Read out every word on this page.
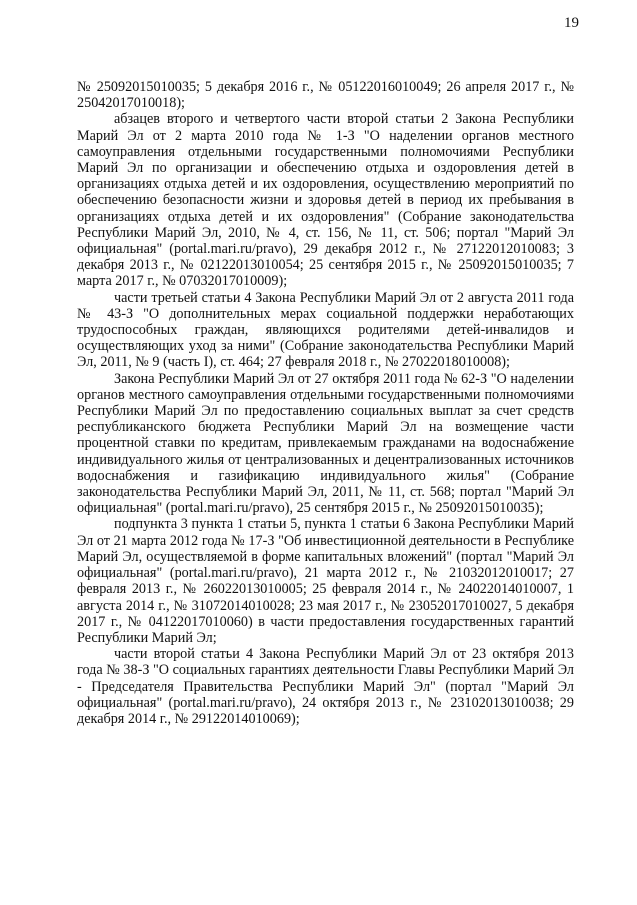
19

№ 25092015010035; 5 декабря 2016 г., № 05122016010049; 26 апреля 2017 г., № 25042017010018);

абзацев второго и четвертого части второй статьи 2 Закона Республики Марий Эл от 2 марта 2010 года № 1-З "О наделении органов местного самоуправления отдельными государственными полномочиями Республики Марий Эл по организации и обеспечению отдыха и оздоровления детей в организациях отдыха детей и их оздоровления, осуществлению мероприятий по обеспечению безопасности жизни и здоровья детей в период их пребывания в организациях отдыха детей и их оздоровления" (Собрание законодательства Республики Марий Эл, 2010, № 4, ст. 156, № 11, ст. 506; портал "Марий Эл официальная" (portal.mari.ru/pravo), 29 декабря 2012 г., № 27122012010083; 3 декабря 2013 г., № 02122013010054; 25 сентября 2015 г., № 25092015010035; 7 марта 2017 г., № 07032017010009);

части третьей статьи 4 Закона Республики Марий Эл от 2 августа 2011 года № 43-З "О дополнительных мерах социальной поддержки неработающих трудоспособных граждан, являющихся родителями детей-инвалидов и осуществляющих уход за ними" (Собрание законодательства Республики Марий Эл, 2011, № 9 (часть I), ст. 464; 27 февраля 2018 г., № 27022018010008);

Закона Республики Марий Эл от 27 октября 2011 года № 62-З "О наделении органов местного самоуправления отдельными государственными полномочиями Республики Марий Эл по предоставлению социальных выплат за счет средств республиканского бюджета Республики Марий Эл на возмещение части процентной ставки по кредитам, привлекаемым гражданами на водоснабжение индивидуального жилья от централизованных и децентрализованных источников водоснабжения и газификацию индивидуального жилья" (Собрание законодательства Республики Марий Эл, 2011, № 11, ст. 568; портал "Марий Эл официальная" (portal.mari.ru/pravo), 25 сентября 2015 г., № 25092015010035);

подпункта 3 пункта 1 статьи 5, пункта 1 статьи 6 Закона Республики Марий Эл от 21 марта 2012 года № 17-З "Об инвестиционной деятельности в Республике Марий Эл, осуществляемой в форме капитальных вложений" (портал "Марий Эл официальная" (portal.mari.ru/pravo), 21 марта 2012 г., № 21032012010017; 27 февраля 2013 г., № 26022013010005; 25 февраля 2014 г., № 24022014010007, 1 августа 2014 г., № 31072014010028; 23 мая 2017 г., № 23052017010027, 5 декабря 2017 г., № 04122017010060) в части предоставления государственных гарантий Республики Марий Эл;

части второй статьи 4 Закона Республики Марий Эл от 23 октября 2013 года № 38-З "О социальных гарантиях деятельности Главы Республики Марий Эл - Председателя Правительства Республики Марий Эл" (портал "Марий Эл официальная" (portal.mari.ru/pravo), 24 октября 2013 г., № 23102013010038; 29 декабря 2014 г., № 29122014010069);
